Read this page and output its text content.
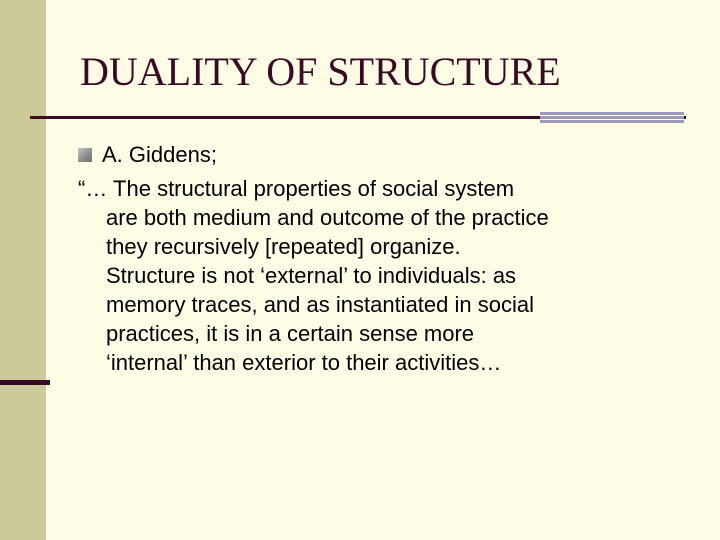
DUALITY OF STRUCTURE
A. Giddens;
“… The structural properties of social system
are both medium and outcome of the practice
they recursively [repeated] organize.
Structure is not ‘external’ to individuals: as
memory traces, and as instantiated in social
practices, it is in a certain sense more
‘internal’ than exterior to their activities…
